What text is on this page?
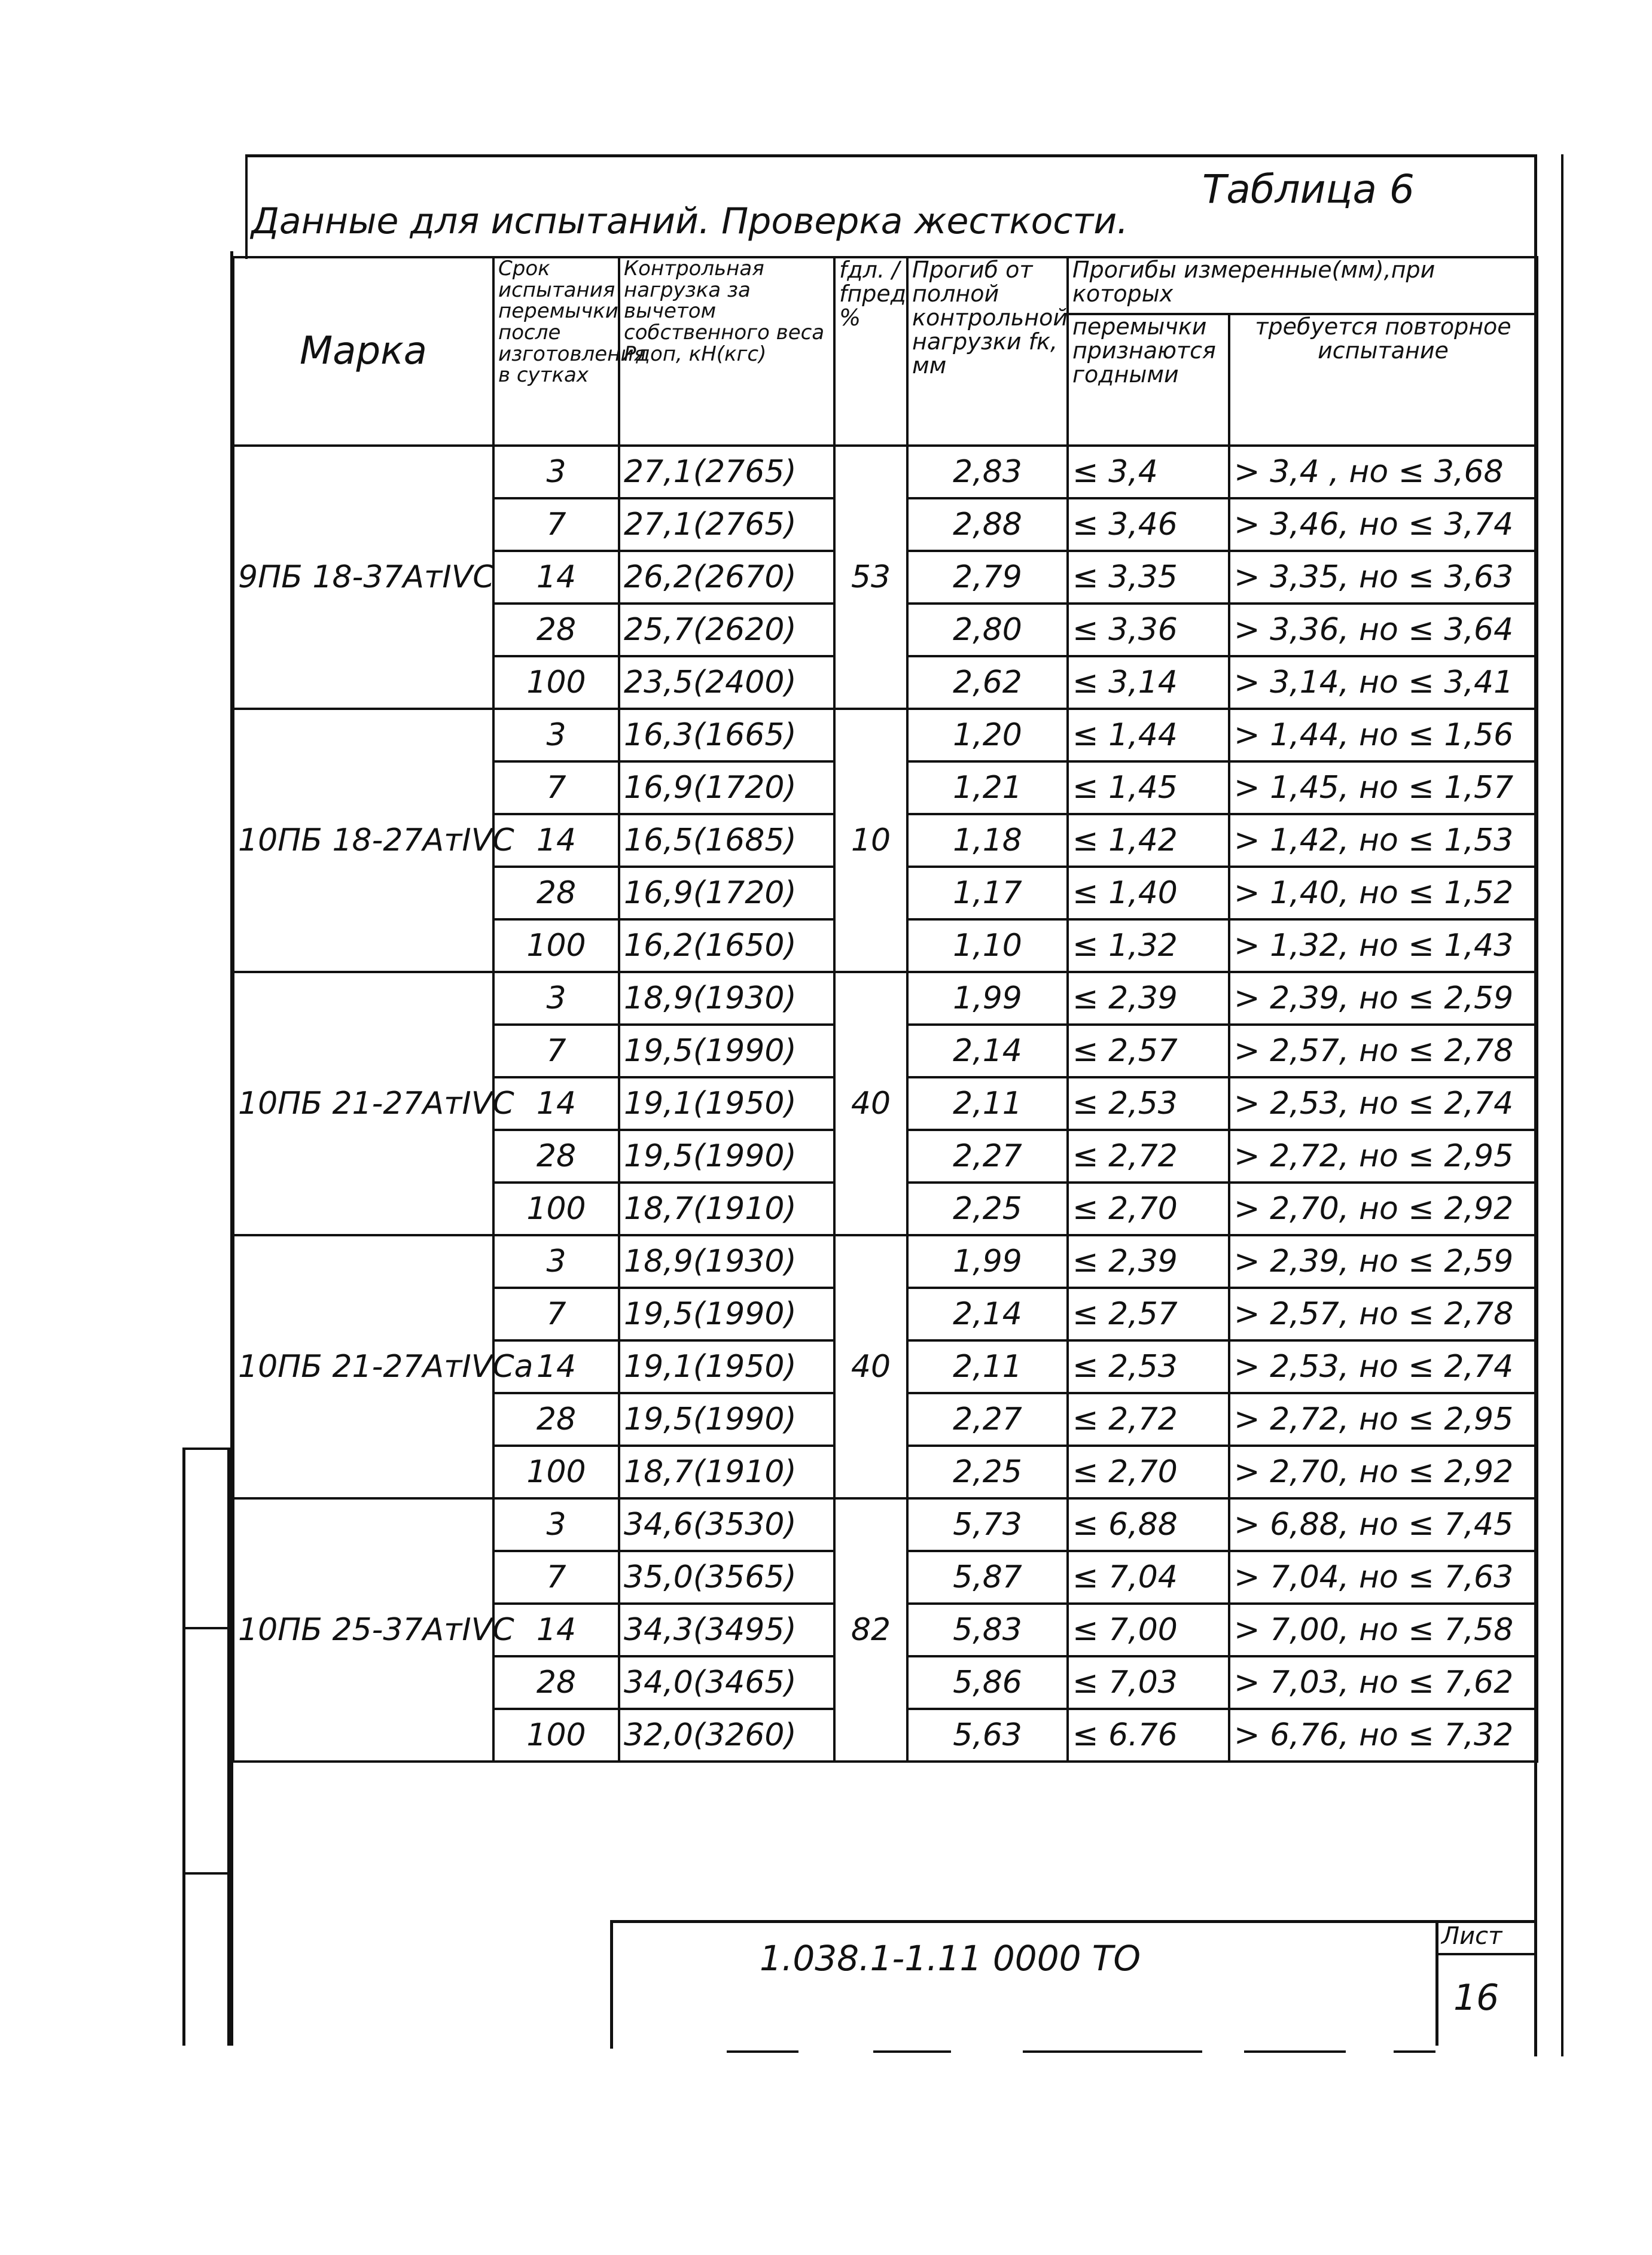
Данные для испытаний. Проверка жесткости.
Таблица 6
Марка	Срок испытания перемычки после изготовления в сутках	Контрольная нагрузка за вычетом собственного веса Рдоп, кН(кгс)	fдл. / fпред %	Прогиб от полной контрольной нагрузки fк, мм	Прогибы измеренные(мм),при которых	
					перемычки признаются годными	требуется повторное испытание
9ПБ 18-37АтIVС	3	27,1(2765)	53	2,83	≤ 3,4	> 3,4 , но ≤ 3,68
	7	27,1(2765)		2,88	≤ 3,46	> 3,46, но ≤ 3,74
	14	26,2(2670)		2,79	≤ 3,35	> 3,35, но ≤ 3,63
	28	25,7(2620)		2,80	≤ 3,36	> 3,36, но ≤ 3,64
	100	23,5(2400)		2,62	≤ 3,14	> 3,14, но ≤ 3,41
10ПБ 18-27АтIVС	3	16,3(1665)	10	1,20	≤ 1,44	> 1,44, но ≤ 1,56
	7	16,9(1720)		1,21	≤ 1,45	> 1,45, но ≤ 1,57
	14	16,5(1685)		1,18	≤ 1,42	> 1,42, но ≤ 1,53
	28	16,9(1720)		1,17	≤ 1,40	> 1,40, но ≤ 1,52
	100	16,2(1650)		1,10	≤ 1,32	> 1,32, но ≤ 1,43
10ПБ 21-27АтIVС	3	18,9(1930)	40	1,99	≤ 2,39	> 2,39, но ≤ 2,59
	7	19,5(1990)		2,14	≤ 2,57	> 2,57, но ≤ 2,78
	14	19,1(1950)		2,11	≤ 2,53	> 2,53, но ≤ 2,74
	28	19,5(1990)		2,27	≤ 2,72	> 2,72, но ≤ 2,95
	100	18,7(1910)		2,25	≤ 2,70	> 2,70, но ≤ 2,92
10ПБ 21-27АтIVСа	3	18,9(1930)	40	1,99	≤ 2,39	> 2,39, но ≤ 2,59
	7	19,5(1990)		2,14	≤ 2,57	> 2,57, но ≤ 2,78
	14	19,1(1950)		2,11	≤ 2,53	> 2,53, но ≤ 2,74
	28	19,5(1990)		2,27	≤ 2,72	> 2,72, но ≤ 2,95
	100	18,7(1910)		2,25	≤ 2,70	> 2,70, но ≤ 2,92
10ПБ 25-37АтIVС	3	34,6(3530)	82	5,73	≤ 6,88	> 6,88, но ≤ 7,45
	7	35,0(3565)		5,87	≤ 7,04	> 7,04, но ≤ 7,63
	14	34,3(3495)		5,83	≤ 7,00	> 7,00, но ≤ 7,58
	28	34,0(3465)		5,86	≤ 7,03	> 7,03, но ≤ 7,62
	100	32,0(3260)		5,63	≤ 6.76	> 6,76, но ≤ 7,32
1.038.1-1.11 0000 ТО
Лист
16
